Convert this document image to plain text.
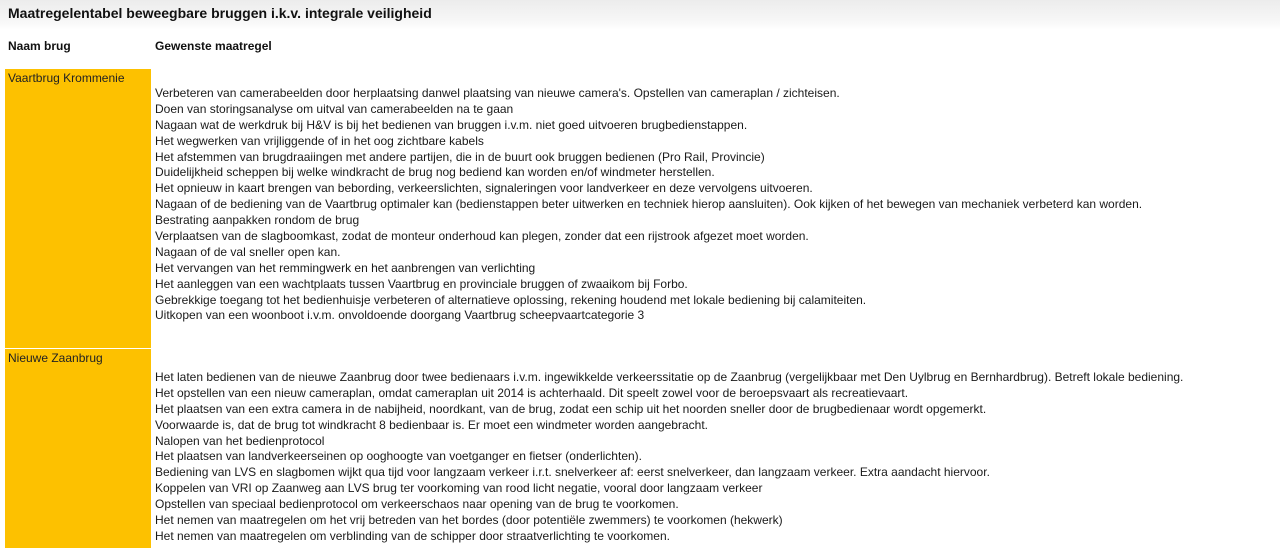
Maatregelentabel beweegbare bruggen i.k.v. integrale veiligheid
Naam brug	Gewenste maatregel
Vaartbrug Krommenie
Verbeteren van camerabeelden door herplaatsing danwel plaatsing van nieuwe camera's. Opstellen van cameraplan / zichteisen.
Doen van storingsanalyse om uitval van camerabeelden na te gaan
Nagaan wat de werkdruk bij H&V is bij het bedienen van bruggen i.v.m. niet goed uitvoeren brugbedienstappen.
Het wegwerken van vrijliggende of in het oog zichtbare kabels
Het afstemmen van brugdraaiingen met andere partijen, die in de buurt ook bruggen bedienen (Pro Rail, Provincie)
Duidelijkheid scheppen bij welke windkracht de brug nog bediend kan worden en/of windmeter herstellen.
Het opnieuw in kaart brengen van bebording, verkeerslichten, signaleringen voor landverkeer en deze vervolgens uitvoeren.
Nagaan of de bediening van de Vaartbrug optimaler kan (bedienstappen beter uitwerken en techniek hierop aansluiten). Ook kijken of het bewegen van mechaniek verbeterd kan worden.
Bestrating aanpakken rondom de brug
Verplaatsen van de slagboomkast, zodat de monteur onderhoud kan plegen, zonder dat een rijstrook afgezet moet worden.
Nagaan of de val sneller open kan.
Het vervangen van het remmingwerk en het aanbrengen van verlichting
Het aanleggen van een wachtplaats tussen Vaartbrug en provinciale bruggen of zwaaikom bij Forbo.
Gebrekkige toegang tot het bedienhuisje verbeteren of alternatieve oplossing, rekening houdend met lokale bediening bij calamiteiten.
Uitkopen van een woonboot i.v.m. onvoldoende doorgang Vaartbrug scheepvaartcategorie 3
Nieuwe Zaanbrug
Het laten bedienen van de nieuwe Zaanbrug door twee bedienaars i.v.m. ingewikkelde verkeerssitatie op de Zaanbrug (vergelijkbaar met Den Uylbrug en Bernhardbrug). Betreft lokale bediening.
Het opstellen van een nieuw cameraplan, omdat cameraplan uit 2014 is achterhaald. Dit speelt zowel voor de beroepsvaart als recreatievaart.
Het plaatsen van een extra camera in de nabijheid, noordkant, van de brug, zodat een schip uit het noorden sneller door de brugbedienaar wordt opgemerkt.
Voorwaarde is, dat de brug tot windkracht 8 bedienbaar is. Er moet een windmeter worden aangebracht.
Nalopen van het bedienprotocol
Het plaatsen van landverkeerseinen op ooghoogte van voetganger en fietser (onderlichten).
Bediening van LVS en slagbomen wijkt qua tijd voor langzaam verkeer i.r.t. snelverkeer af: eerst snelverkeer, dan langzaam verkeer. Extra aandacht hiervoor.
Koppelen van VRI op Zaanweg aan LVS brug ter voorkoming van rood licht negatie, vooral door langzaam verkeer
Opstellen van speciaal bedienprotocol om verkeerschaos naar opening van de brug te voorkomen.
Het nemen van maatregelen om het vrij betreden van het bordes (door potentiële zwemmers) te voorkomen (hekwerk)
Het nemen van maatregelen om verblinding van de schipper door straatverlichting te voorkomen.
